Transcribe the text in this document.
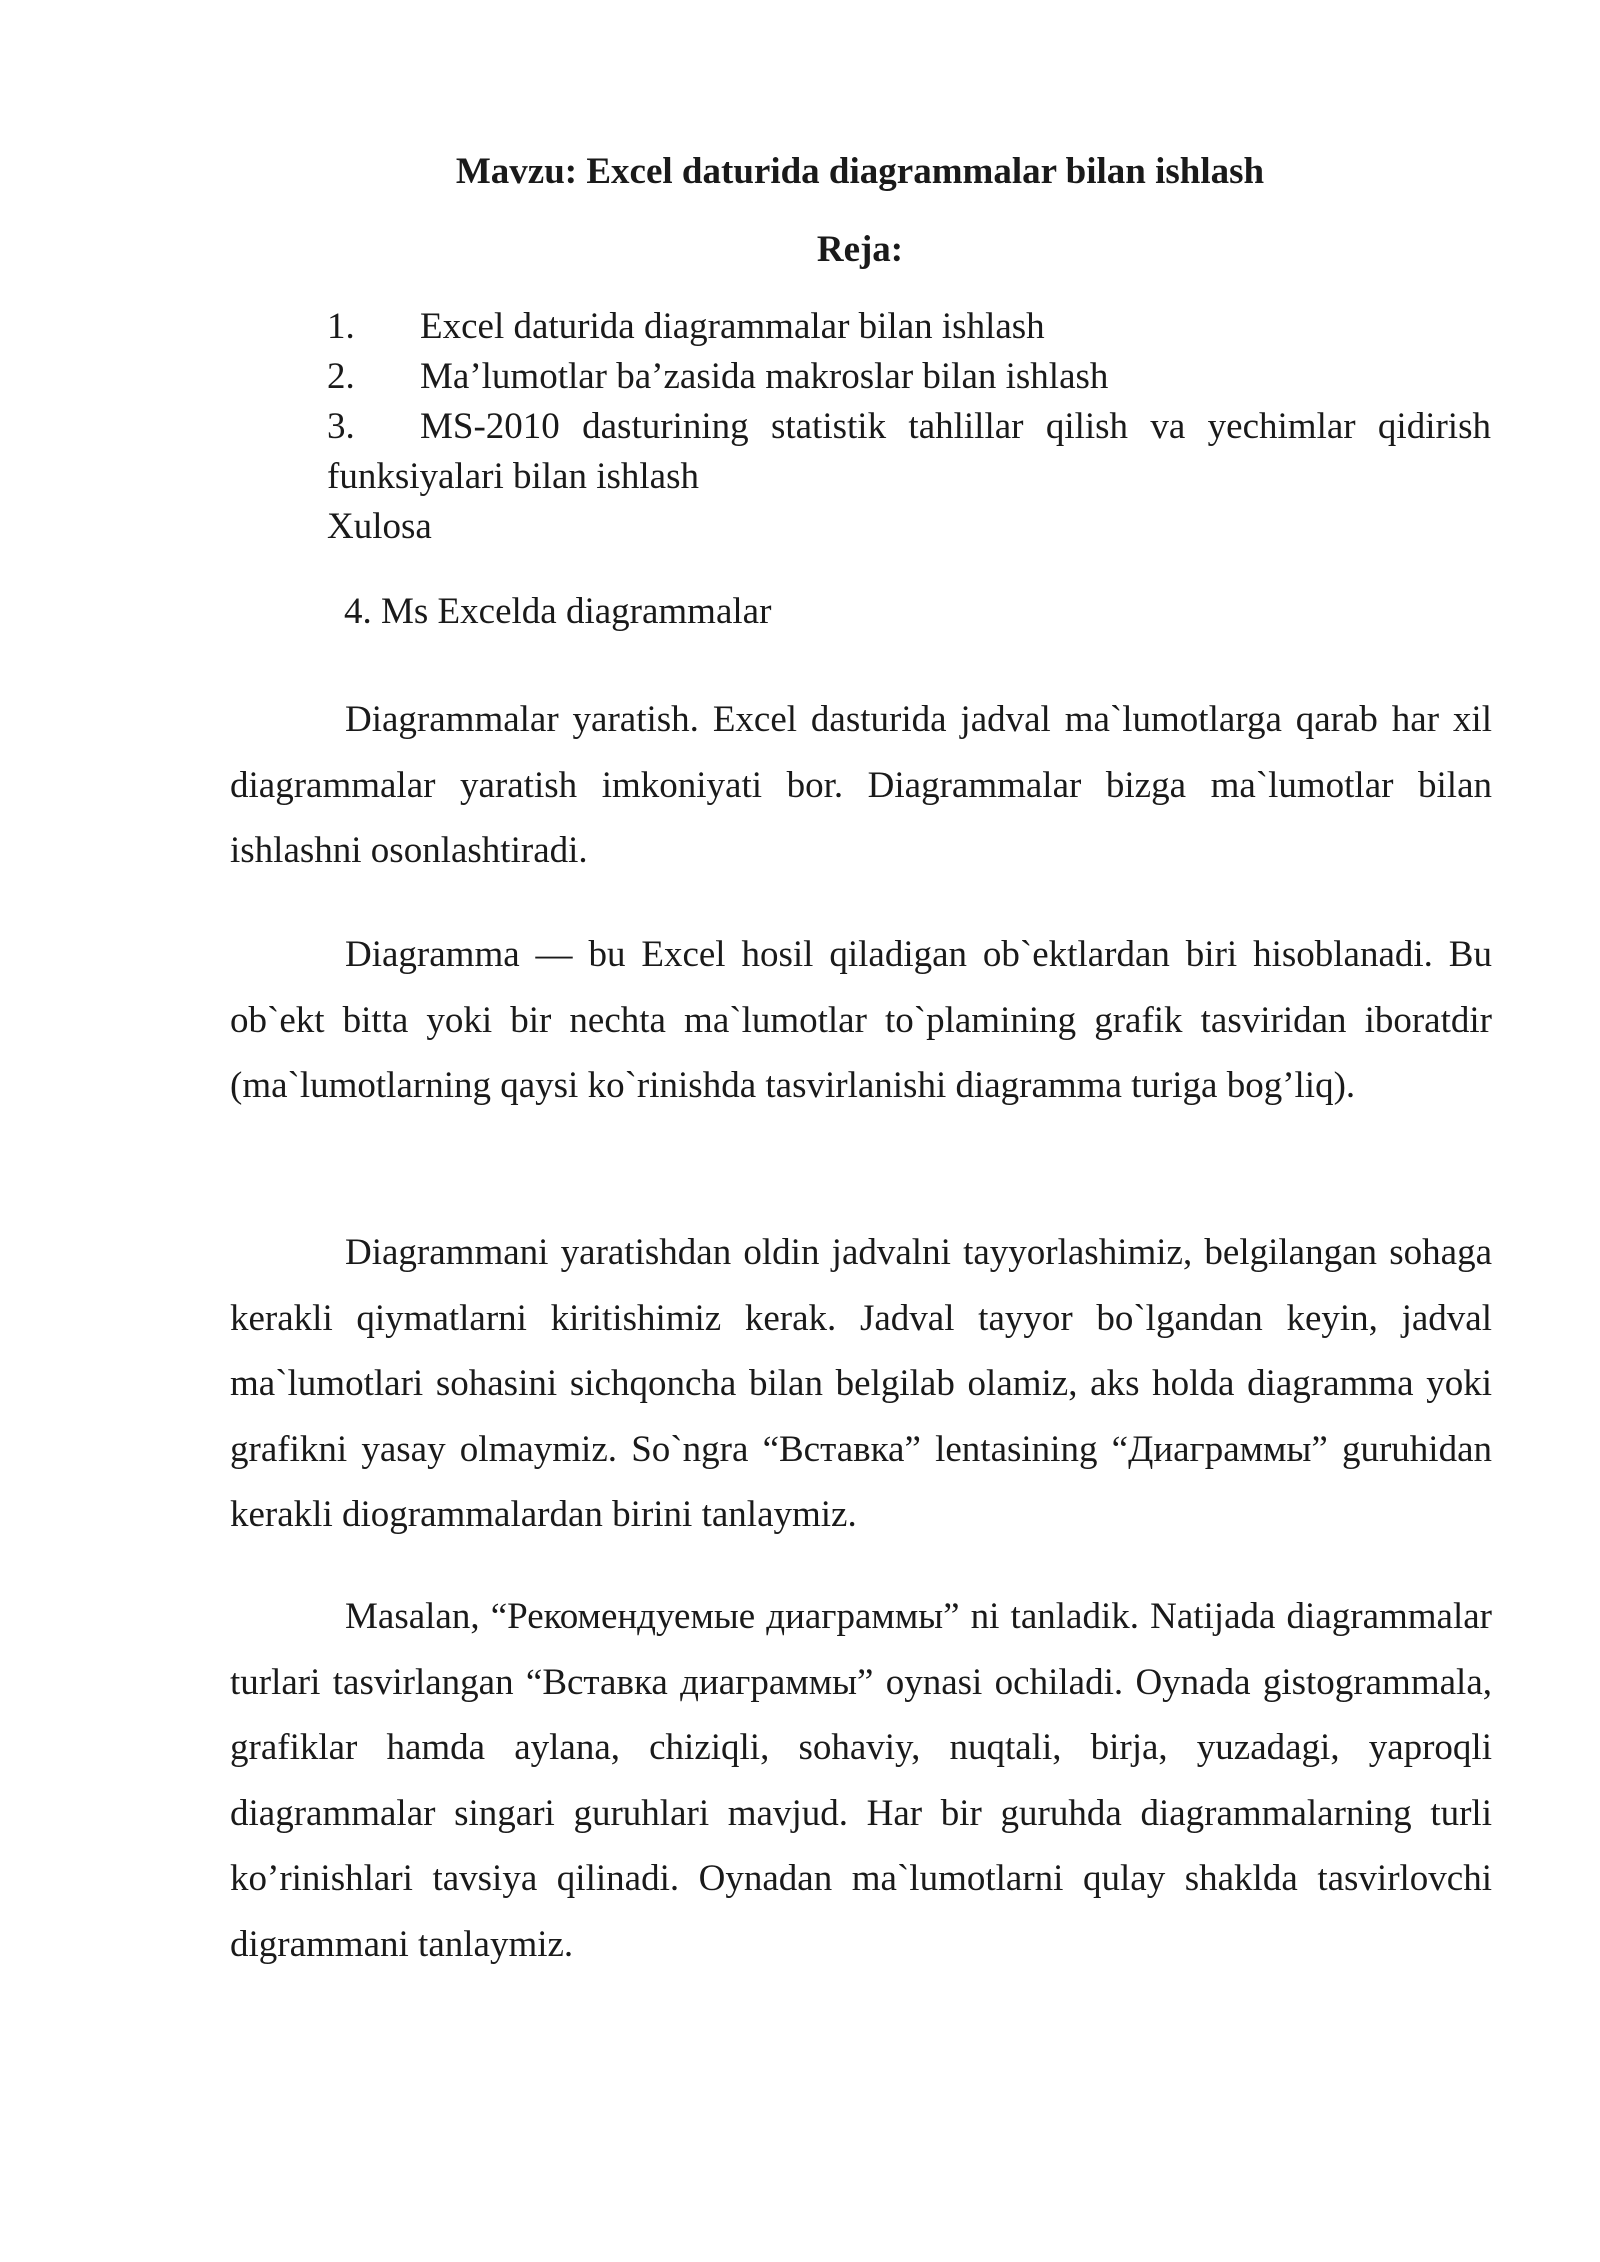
Mavzu: Excel daturida diagrammalar bilan ishlash
Reja:
1.	Excel daturida diagrammalar bilan ishlash
2.	Ma’lumotlar ba’zasida makroslar bilan ishlash
3. MS-2010 dasturining statistik tahlillar qilish va yechimlar qidirish funksiyalari bilan ishlash
Xulosa

4. Ms Excelda diagrammalar

Diagrammalar yaratish. Excel dasturida jadval ma`lumotlarga qarab har xil diagrammalar yaratish imkoniyati bor. Diagrammalar bizga ma`lumotlar bilan ishlashni osonlashtiradi.

Diagramma — bu Excel hosil qiladigan ob`ektlardan biri hisoblanadi. Bu ob`ekt bitta yoki bir nechta ma`lumotlar to`plamining grafik tasviridan iboratdir (ma`lumotlarning qaysi ko`rinishda tasvirlanishi diagramma turiga bog’liq).

Diagrammani yaratishdan oldin jadvalni tayyorlashimiz, belgilangan sohaga kerakli qiymatlarni kiritishimiz kerak. Jadval tayyor bo`lgandan keyin, jadval ma`lumotlari sohasini sichqoncha bilan belgilab olamiz, aks holda diagramma yoki grafikni yasay olmaymiz. So`ngra “Вставка” lentasining “Диаграммы” guruhidan kerakli diogrammalardan birini tanlaymiz.

Masalan, “Рекомендуемые диаграммы” ni tanladik. Natijada diagrammalar turlari tasvirlangan “Вставка диаграммы” oynasi ochiladi. Oynada gistogrammala, grafiklar hamda aylana, chiziqli, sohaviy, nuqtali, birja, yuzadagi, yaproqli diagrammalar singari guruhlari mavjud. Har bir guruhda diagrammalarning turli ko’rinishlari tavsiya qilinadi. Oynadan ma`lumotlarni qulay shaklda tasvirlovchi digrammani tanlaymiz.
